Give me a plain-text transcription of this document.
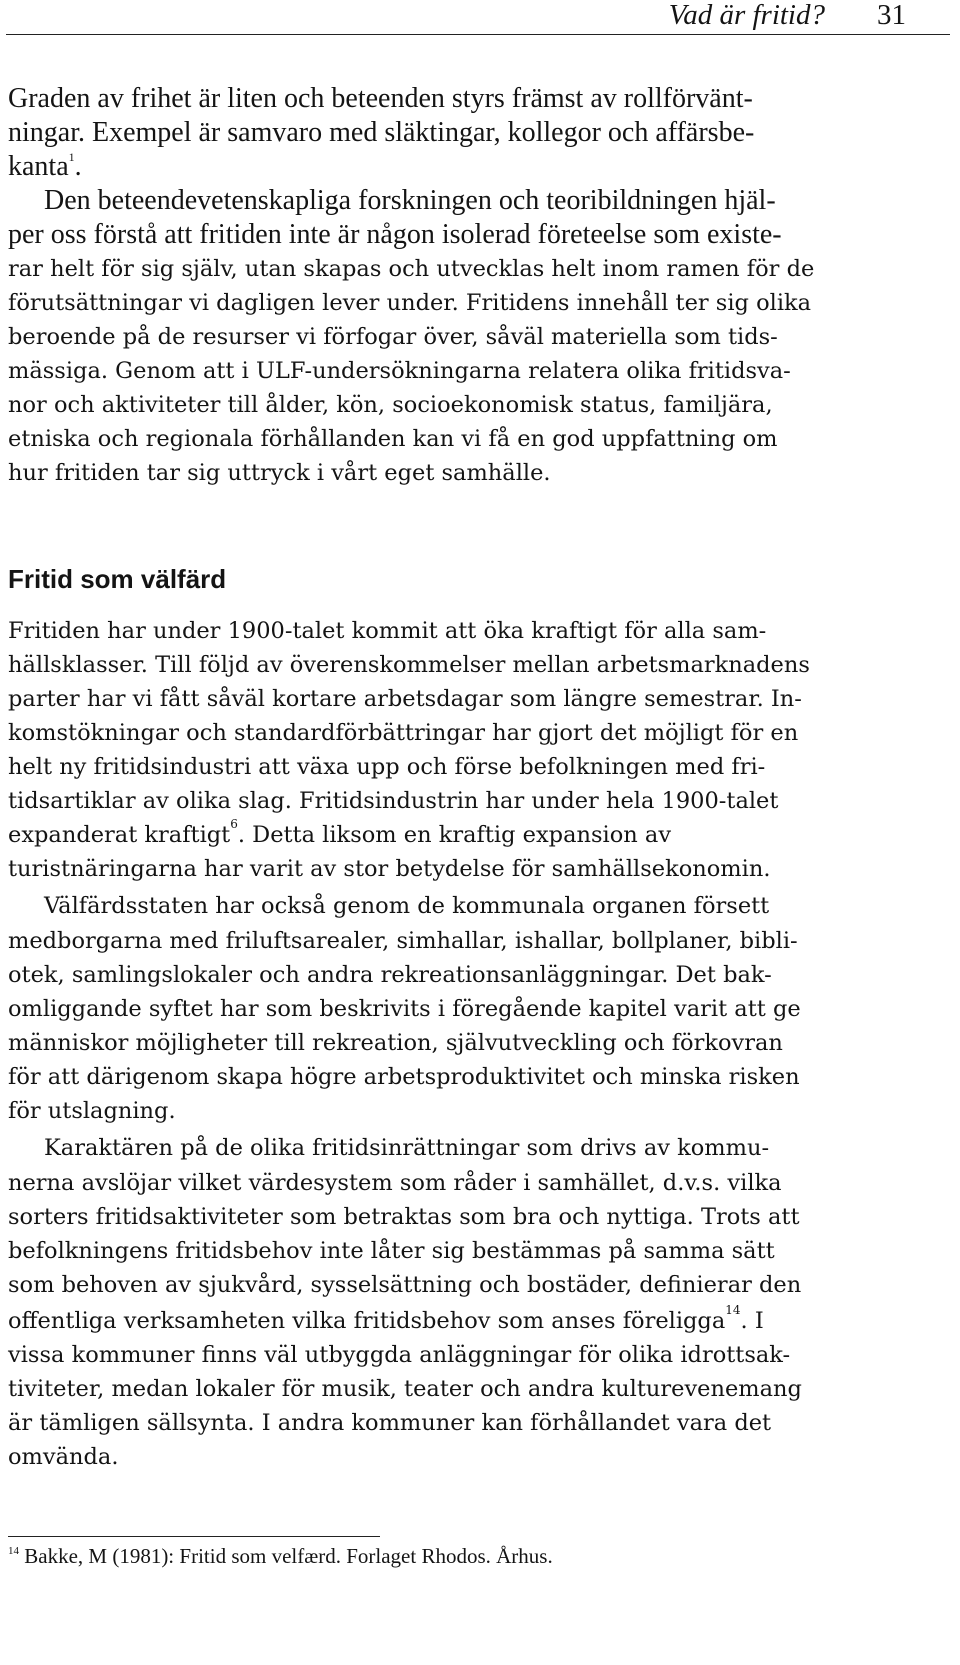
Vad är fritid? 31
Graden av frihet är liten och beteenden styrs främst av rollförvänt-
ningar. Exempel är samvaro med släktingar, kollegor och affärsbe-
kanta$^1$.
Den beteendevetenskapliga forskningen och teoribildningen hjäl-
per oss förstå att fritiden inte är någon isolerad företeelse som existe-
rar helt för sig själv, utan skapas och utvecklas helt inom ramen för de
förutsättningar vi dagligen lever under. Fritidens innehåll ter sig olika
beroende på de resurser vi förfogar över, såväl materiella som tids-
mässiga. Genom att i ULF-undersökningarna relatera olika fritidsva-
nor och aktiviteter till ålder, kön, socioekonomisk status, familjära,
etniska och regionala förhållanden kan vi få en god uppfattning om
hur fritiden tar sig uttryck i vårt eget samhälle.
Fritid som välfärd
Fritiden har under 1900-talet kommit att öka kraftigt för alla sam-
hällsklasser. Till följd av överenskommelser mellan arbetsmarknadens
parter har vi fått såväl kortare arbetsdagar som längre semestrar. In-
komstökningar och standardförbättringar har gjort det möjligt för en
helt ny fritidsindustri att växa upp och förse befolkningen med fri-
tidsartiklar av olika slag. Fritidsindustrin har under hela 1900-talet
expanderat kraftigt$^6$. Detta liksom en kraftig expansion av
turistnäringarna har varit av stor betydelse för samhällsekonomin.
Välfärdsstaten har också genom de kommunala organen försett
medborgarna med friluftsarealer, simhallar, ishallar, bollplaner, bibli-
otek, samlingslokaler och andra rekreationsanläggningar. Det bak-
omliggande syftet har som beskrivits i föregående kapitel varit att ge
människor möjligheter till rekreation, självutveckling och förkovran
för att därigenom skapa högre arbetsproduktivitet och minska risken
för utslagning.
Karaktären på de olika fritidsinrättningar som drivs av kommu-
nerna avslöjar vilket värdesystem som råder i samhället, d.v.s. vilka
sorters fritidsaktiviteter som betraktas som bra och nyttiga. Trots att
befolkningens fritidsbehov inte låter sig bestämmas på samma sätt
som behoven av sjukvård, sysselsättning och bostäder, definierar den
offentliga verksamheten vilka fritidsbehov som anses föreligga$^{14}$. I
vissa kommuner finns väl utbyggda anläggningar för olika idrottsak-
tiviteter, medan lokaler för musik, teater och andra kulturevenemang
är tämligen sällsynta. I andra kommuner kan förhållandet vara det
omvända.
$^{14}$ Bakke, M (1981): Fritid som velfærd. Forlaget Rhodos. Århus.
